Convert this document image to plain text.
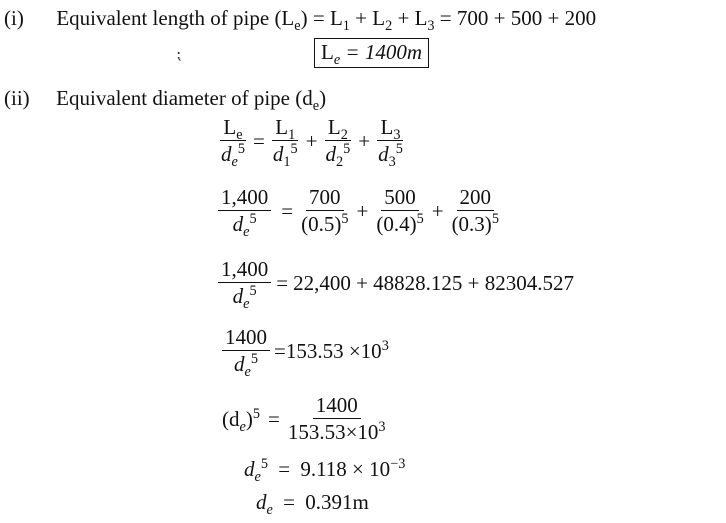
(i) Equivalent length of pipe $(L_e) = L_1 + L_2 + L_3 = 700 + 500 + 200$
⁏	$L_e = 1400m$
(ii) Equivalent diameter of pipe $(d_e)$
$\frac{L_e}{d_e^5} = \frac{L_1}{d_1^5} + \frac{L_2}{d_2^5} + \frac{L_3}{d_3^5}$
$\frac{1,400}{d_e^5} = \frac{700}{(0.5)^5} + \frac{500}{(0.4)^5} + \frac{200}{(0.3)^5}$
$\frac{1,400}{d_e^5} = 22,400 + 48828.125 + 82304.527$
$\frac{1400}{d_e^5} =153.53 \times 10^3$
$(d_e)^5 = \frac{1400}{153.53\times 10^3}$
$d_e^5 = 9.118 \times 10^{-3}$
$d_e = 0.391m$
